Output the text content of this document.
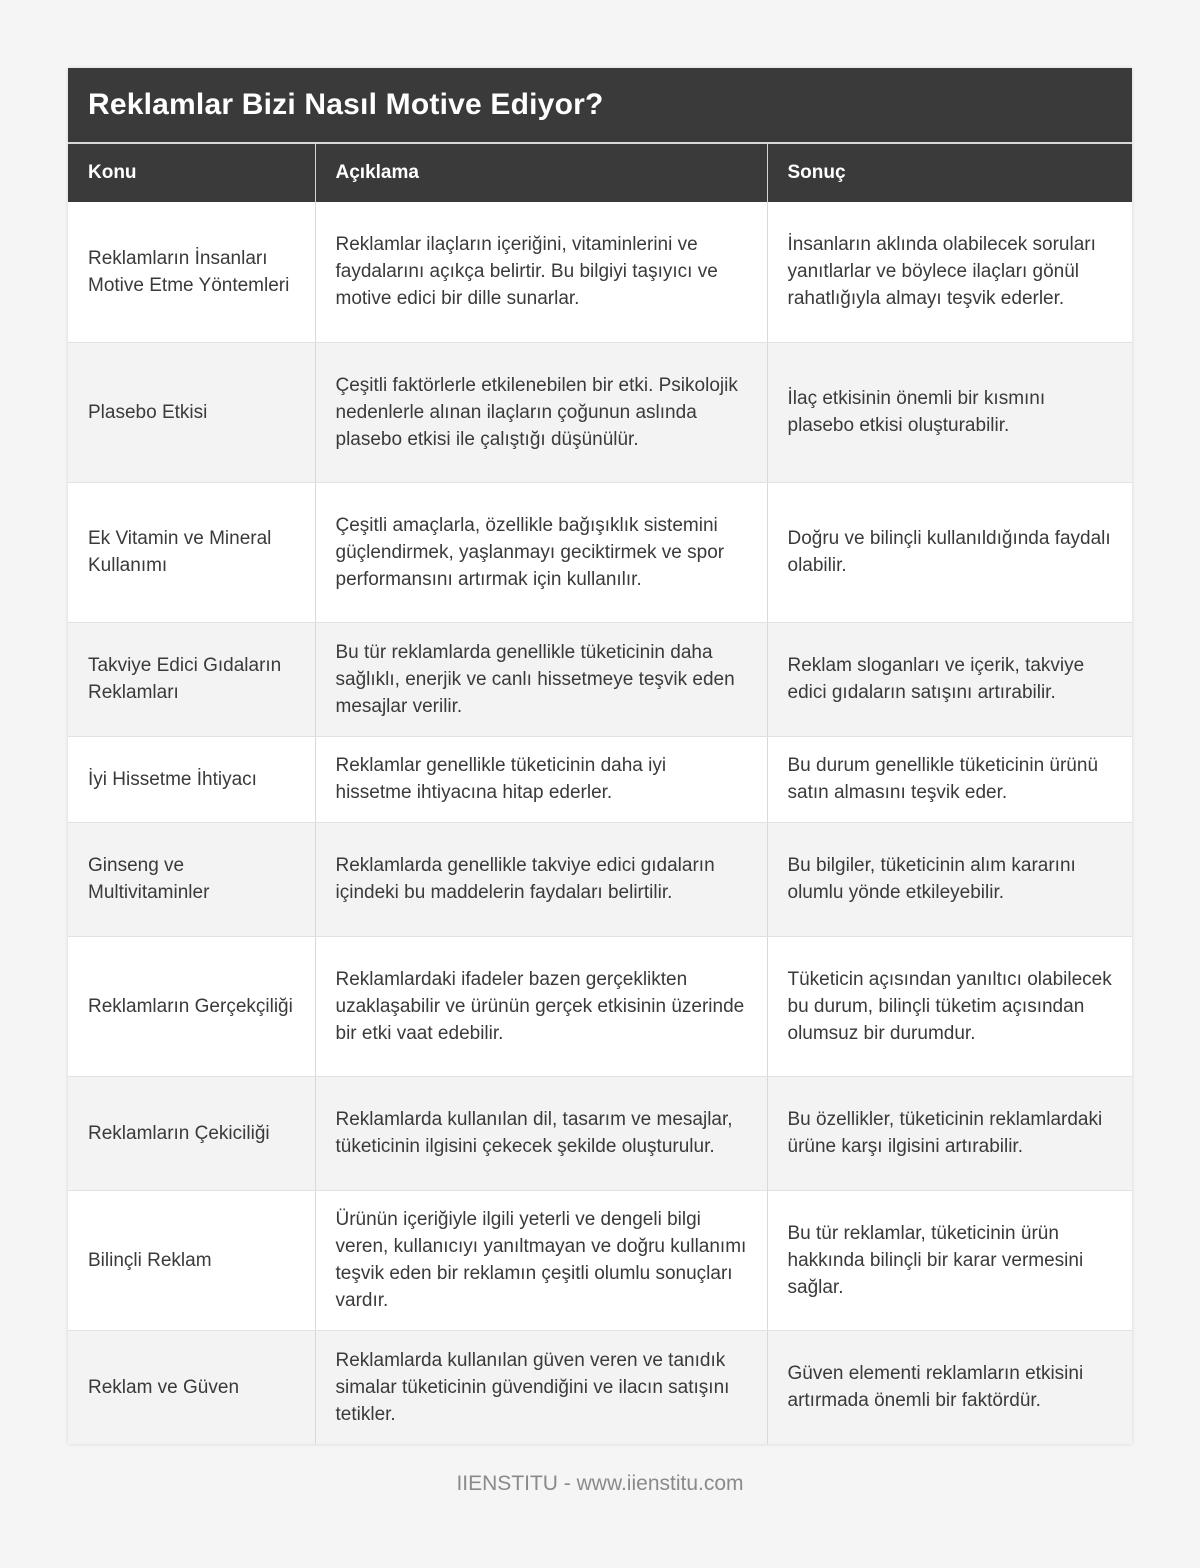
Reklamlar Bizi Nasıl Motive Ediyor?
Konu	Açıklama	Sonuç
Reklamların İnsanları Motive Etme Yöntemleri	Reklamlar ilaçların içeriğini, vitaminlerini ve faydalarını açıkça belirtir. Bu bilgiyi taşıyıcı ve motive edici bir dille sunarlar.	İnsanların aklında olabilecek soruları yanıtlarlar ve böylece ilaçları gönül rahatlığıyla almayı teşvik ederler.
Plasebo Etkisi	Çeşitli faktörlerle etkilenebilen bir etki. Psikolojik nedenlerle alınan ilaçların çoğunun aslında plasebo etkisi ile çalıştığı düşünülür.	İlaç etkisinin önemli bir kısmını plasebo etkisi oluşturabilir.
Ek Vitamin ve Mineral Kullanımı	Çeşitli amaçlarla, özellikle bağışıklık sistemini güçlendirmek, yaşlanmayı geciktirmek ve spor performansını artırmak için kullanılır.	Doğru ve bilinçli kullanıldığında faydalı olabilir.
Takviye Edici Gıdaların Reklamları	Bu tür reklamlarda genellikle tüketicinin daha sağlıklı, enerjik ve canlı hissetmeye teşvik eden mesajlar verilir.	Reklam sloganları ve içerik, takviye edici gıdaların satışını artırabilir.
İyi Hissetme İhtiyacı	Reklamlar genellikle tüketicinin daha iyi hissetme ihtiyacına hitap ederler.	Bu durum genellikle tüketicinin ürünü satın almasını teşvik eder.
Ginseng ve Multivitaminler	Reklamlarda genellikle takviye edici gıdaların içindeki bu maddelerin faydaları belirtilir.	Bu bilgiler, tüketicinin alım kararını olumlu yönde etkileyebilir.
Reklamların Gerçekçiliği	Reklamlardaki ifadeler bazen gerçeklikten uzaklaşabilir ve ürünün gerçek etkisinin üzerinde bir etki vaat edebilir.	Tüketicin açısından yanıltıcı olabilecek bu durum, bilinçli tüketim açısından olumsuz bir durumdur.
Reklamların Çekiciliği	Reklamlarda kullanılan dil, tasarım ve mesajlar, tüketicinin ilgisini çekecek şekilde oluşturulur.	Bu özellikler, tüketicinin reklamlardaki ürüne karşı ilgisini artırabilir.
Bilinçli Reklam	Ürünün içeriğiyle ilgili yeterli ve dengeli bilgi veren, kullanıcıyı yanıltmayan ve doğru kullanımı teşvik eden bir reklamın çeşitli olumlu sonuçları vardır.	Bu tür reklamlar, tüketicinin ürün hakkında bilinçli bir karar vermesini sağlar.
Reklam ve Güven	Reklamlarda kullanılan güven veren ve tanıdık simalar tüketicinin güvendiğini ve ilacın satışını tetikler.	Güven elementi reklamların etkisini artırmada önemli bir faktördür.
IIENSTITU - www.iienstitu.com
